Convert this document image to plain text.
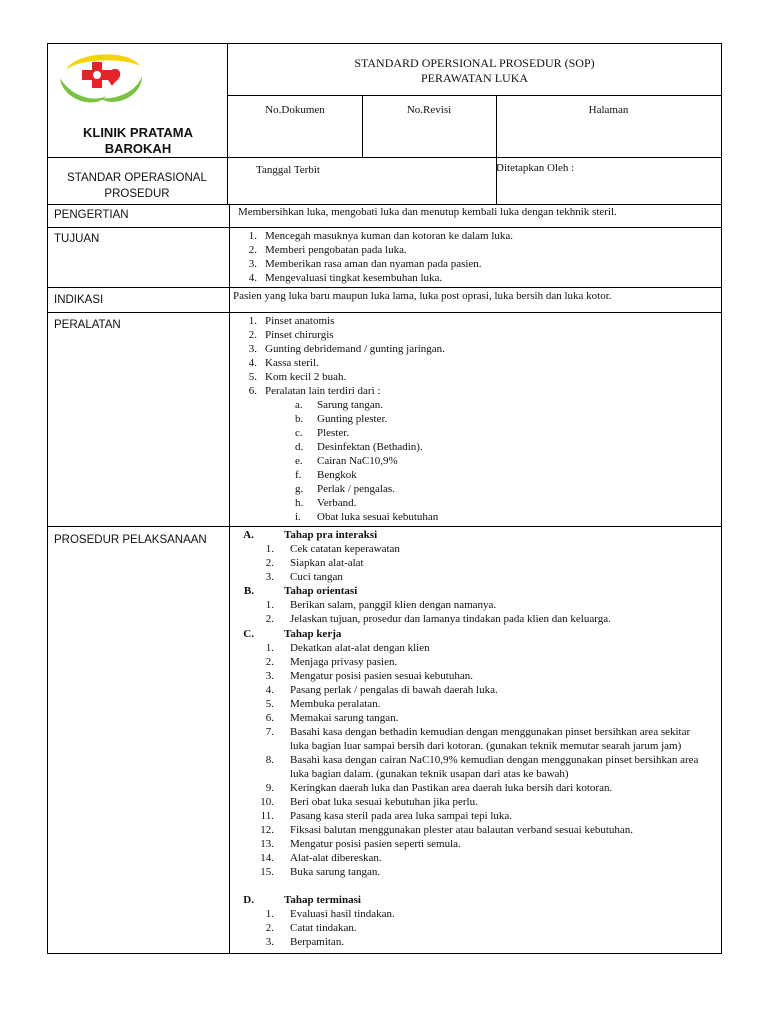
KLINIK PRATAMA
BAROKAH
STANDARD OPERSIONAL PROSEDUR (SOP)
PERAWATAN LUKA
No.Dokumen	No.Revisi	Halaman
STANDAR OPERASIONAL
PROSEDUR
Tanggal Terbit	Ditetapkan Oleh :
PENGERTIAN	Membersihkan luka, mengobati luka dan menutup kembali luka dengan tekhnik steril.
TUJUAN	1. Mencegah masuknya kuman dan kotoran ke dalam luka.
2. Memberi pengobatan pada luka.
3. Memberikan rasa aman dan nyaman pada pasien.
4. Mengevaluasi tingkat kesembuhan luka.
INDIKASI	Pasien yang luka baru maupun luka lama, luka post oprasi, luka bersih dan luka kotor.
PERALATAN	1. Pinset anatomis
2. Pinset chirurgis
3. Gunting debridemand / gunting jaringan.
4. Kassa steril.
5. Kom kecil 2 buah.
6. Peralatan lain terdiri dari :
a.	Sarung tangan.
b.	Gunting plester.
c.	Plester.
d.	Desinfektan (Bethadin).
e.	Cairan NaC10,9%
f.	Bengkok
g.	Perlak / pengalas.
h.	Verband.
i.	Obat luka sesuai kebutuhan
PROSEDUR PELAKSANAAN	A.	Tahap pra interaksi
1. Cek catatan keperawatan
2. Siapkan alat-alat
3. Cuci tangan
B.	Tahap orientasi
1. Berikan salam, panggil klien dengan namanya.
2. Jelaskan tujuan, prosedur dan lamanya tindakan pada klien dan keluarga.
C.	Tahap kerja
1. Dekatkan alat-alat dengan klien
2. Menjaga privasy pasien.
3. Mengatur posisi pasien sesuai kebutuhan.
4. Pasang perlak / pengalas di bawah daerah luka.
5. Membuka peralatan.
6. Memakai sarung tangan.
7. Basahi kasa dengan bethadin kemudian dengan menggunakan pinset bersihkan area sekitar luka bagian luar sampai bersih dari kotoran. (gunakan teknik memutar searah jarum jam)
8. Basahi kasa dengan cairan NaC10,9% kemudian dengan menggunakan pinset bersihkan area luka bagian dalam. (gunakan teknik usapan dari atas ke bawah)
9. Keringkan daerah luka dan Pastikan area daerah luka bersih dari kotoran.
10. Beri obat luka sesuai kebutuhan jika perlu.
11. Pasang kasa steril pada area luka sampai tepi luka.
12. Fiksasi balutan menggunakan plester atau balautan verband sesuai kebutuhan.
13. Mengatur posisi pasien seperti semula.
14. Alat-alat dibereskan.
15. Buka sarung tangan.
D.	Tahap terminasi
1. Evaluasi hasil tindakan.
2. Catat tindakan.
3. Berpamitan.
